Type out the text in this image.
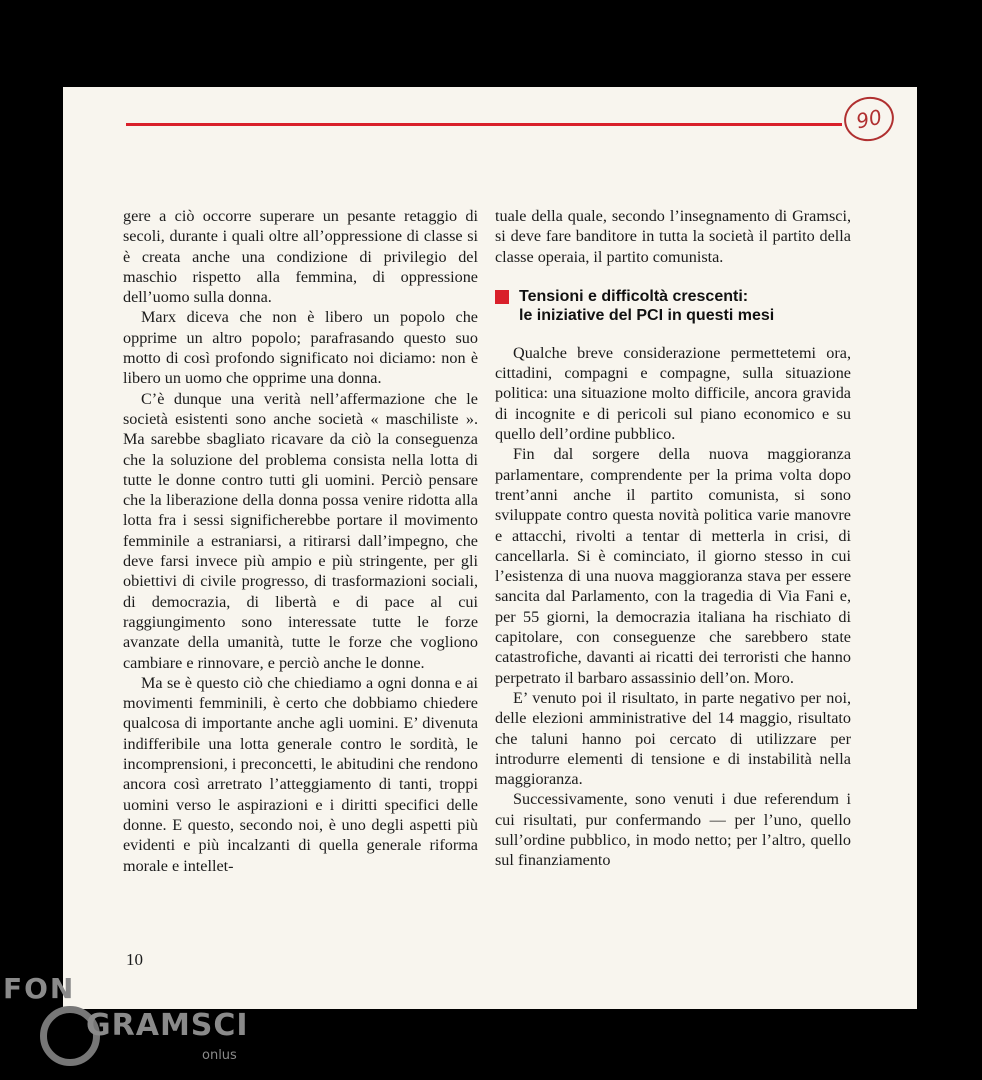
90

gere a ciò occorre superare un pesante retaggio di secoli, durante i quali oltre all’oppressione di classe si è creata anche una condizione di privilegio del maschio rispetto alla femmina, di oppressione dell’uomo sulla donna.

Marx diceva che non è libero un popolo che opprime un altro popolo; parafrasando questo suo motto di così profondo significato noi diciamo: non è libero un uomo che opprime una donna.

C’è dunque una verità nell’affermazione che le società esistenti sono anche società « maschiliste ». Ma sarebbe sbagliato ricavare da ciò la conseguenza che la soluzione del problema consista nella lotta di tutte le donne contro tutti gli uomini. Perciò pensare che la liberazione della donna possa venire ridotta alla lotta fra i sessi significherebbe portare il movimento femminile a estraniarsi, a ritirarsi dall’impegno, che deve farsi invece più ampio e più stringente, per gli obiettivi di civile progresso, di trasformazioni sociali, di democrazia, di libertà e di pace al cui raggiungimento sono interessate tutte le forze avanzate della umanità, tutte le forze che vogliono cambiare e rinnovare, e perciò anche le donne.

Ma se è questo ciò che chiediamo a ogni donna e ai movimenti femminili, è certo che dobbiamo chiedere qualcosa di importante anche agli uomini. E’ divenuta indifferibile una lotta generale contro le sordità, le incomprensioni, i preconcetti, le abitudini che rendono ancora così arretrato l’atteggiamento di tanti, troppi uomini verso le aspirazioni e i diritti specifici delle donne. E questo, secondo noi, è uno degli aspetti più evidenti e più incalzanti di quella generale riforma morale e intellet-

tuale della quale, secondo l’insegnamento di Gramsci, si deve fare banditore in tutta la società il partito della classe operaia, il partito comunista.

Tensioni e difficoltà crescenti:
le iniziative del PCI in questi mesi

Qualche breve considerazione permettetemi ora, cittadini, compagni e compagne, sulla situazione politica: una situazione molto difficile, ancora gravida di incognite e di pericoli sul piano economico e su quello dell’ordine pubblico.

Fin dal sorgere della nuova maggioranza parlamentare, comprendente per la prima volta dopo trent’anni anche il partito comunista, si sono sviluppate contro questa novità politica varie manovre e attacchi, rivolti a tentar di metterla in crisi, di cancellarla. Si è cominciato, il giorno stesso in cui l’esistenza di una nuova maggioranza stava per essere sancita dal Parlamento, con la tragedia di Via Fani e, per 55 giorni, la democrazia italiana ha rischiato di capitolare, con conseguenze che sarebbero state catastrofiche, davanti ai ricatti dei terroristi che hanno perpetrato il barbaro assassinio dell’on. Moro.

E’ venuto poi il risultato, in parte negativo per noi, delle elezioni amministrative del 14 maggio, risultato che taluni hanno poi cercato di utilizzare per introdurre elementi di tensione e di instabilità nella maggioranza.

Successivamente, sono venuti i due referendum i cui risultati, pur confermando — per l’uno, quello sull’ordine pubblico, in modo netto; per l’altro, quello sul finanziamento

10
FON
GRAMSCI
onlus
